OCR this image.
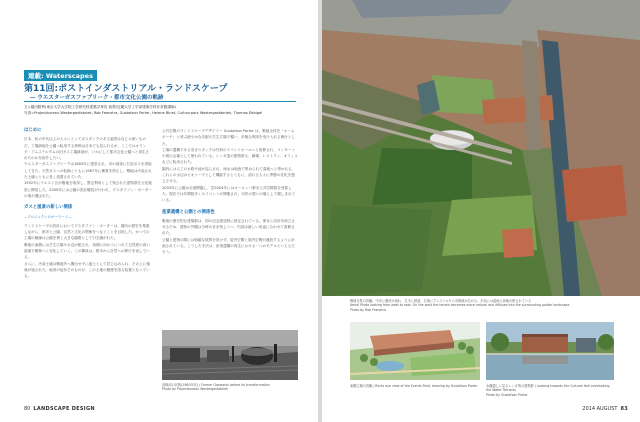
連載: Waterscapes

第11回:ポストインダストリアル・ランドスケープ
— ウエスターガスファブリーク・都市文化公園の軌跡

文=園田勝利(東京大学大学院工学研究科建築学専攻 助教/近畿大学工学部建築学科非常勤講師)

写真=Projectbureau Westergasfabriek, Rob Feenstra, Gustafson Porter, Helene Binet, Cultuurpark Westergasfabriek, Thomas Ebbigel

はじめに

日本、私の年代以上の人々にとってガスタンクのある風景はなじみ深いものだ。工場跡地を公園へ転用する事例は日本でも見られるが、ここではオランダ・アムステルダムの旧ガス工場跡地が、いかにして都市文化公園へと再生されたのかを紹介したい。

ウエスターガスファブリークは1883年に建設され、市の西部に石炭ガスを供給してきた。天然ガスへの転換とともに1967年に操業を停止し、敷地は汚染された土壌とともに長く放置されていた。

1992年にウエスト区が敷地を取得し、暫定利用として残された建物群を文化施設に開放した。2000年には公園の設計競技が行われ、グスタフソン・ポーターの案が選ばれた。

ガスと風景の新しい関係

—プロジェクトのキーワード—

ランドスケープの設計においてグスタフソン・ポーターは、場所の歴史を尊重しながら、都市と公園、自然と文化の関係をつなぐことを目指した。かつての工場の軸線は公園を貫く大きな園路として引き継がれた。

敷地の東側には芝生広場や水辺が配され、西側に向かうにつれて自然度の高い湿地や樹林へと変化していく。この構成は、都市から自然への移行を表している。

さらに、汚染土壌は敷地外へ搬出せずに盛土として封じ込められ、その上に植栽が施された。地形の起伏そのものが、この土地の履歴を語る装置となっている。

公共空間のランドスケープデザイナー Gustafson Porter は、敷地全体を「ホームポーチ」と呼ぶ緩やかな勾配の芝生広場で覆い、多様な利用を受け入れる舞台とした。

工場の遺構である旧ガスタンクは円形のイベントホールへと改修され、コンサートや展示会場として使われている。レンガ造の建物群も、劇場、レストラン、オフィスなどに転用された。

園内には人工の水路や池が巡らされ、雨水は地表で集められて湿地へと導かれる。これらの水辺はビオトープとして機能するとともに、訪れる人々に季節の変化を感じさせる。

2003年に公園は全面開園し、翌2004年にはヨーロッパ都市公共空間賞を受賞した。現在では年間数多くのイベントが開催され、市民の憩いの場として親しまれている。

産業遺構と公園との関係性

敷地の歴史的な建築群は、国の記念建造物に指定されている。保存と活用を両立させるため、建物の外観は当時のまま残しつつ、内部は新しい用途に合わせて改修された。

公園と建物の間には明確な境界を設けず、屋外空間と屋内空間が連続するように計画されている。こうした手法は、産業遺構の再生における一つのモデルといえるだろう。

改修前の状態(1980年代) / Former Gasworks before its transformation

Photo by Projectbureau Westergasfabriek

80 LANDSCAPE DESIGN

敷地全景の鳥瞰。中央に運河が流れ、左手に鉄道、右奥にアムステルダム市街地が広がる。手前には湿地と緑地が配されている

Aerial Photo looking from west to east. On the west the terrain becomes more natural and diffuses into the surrounding polder landscape

Photo by Rob Feenstra

東側広場の鳥瞰 / Bird's eye view of the Events Field, drawing by Gustafson Porter	水盤越しに見るレンガ造の建物群 / Looking towards the Cultural Hall overlooking the Water Terraces

Photo by Gustafson Porter

2014 AUGUST 83
